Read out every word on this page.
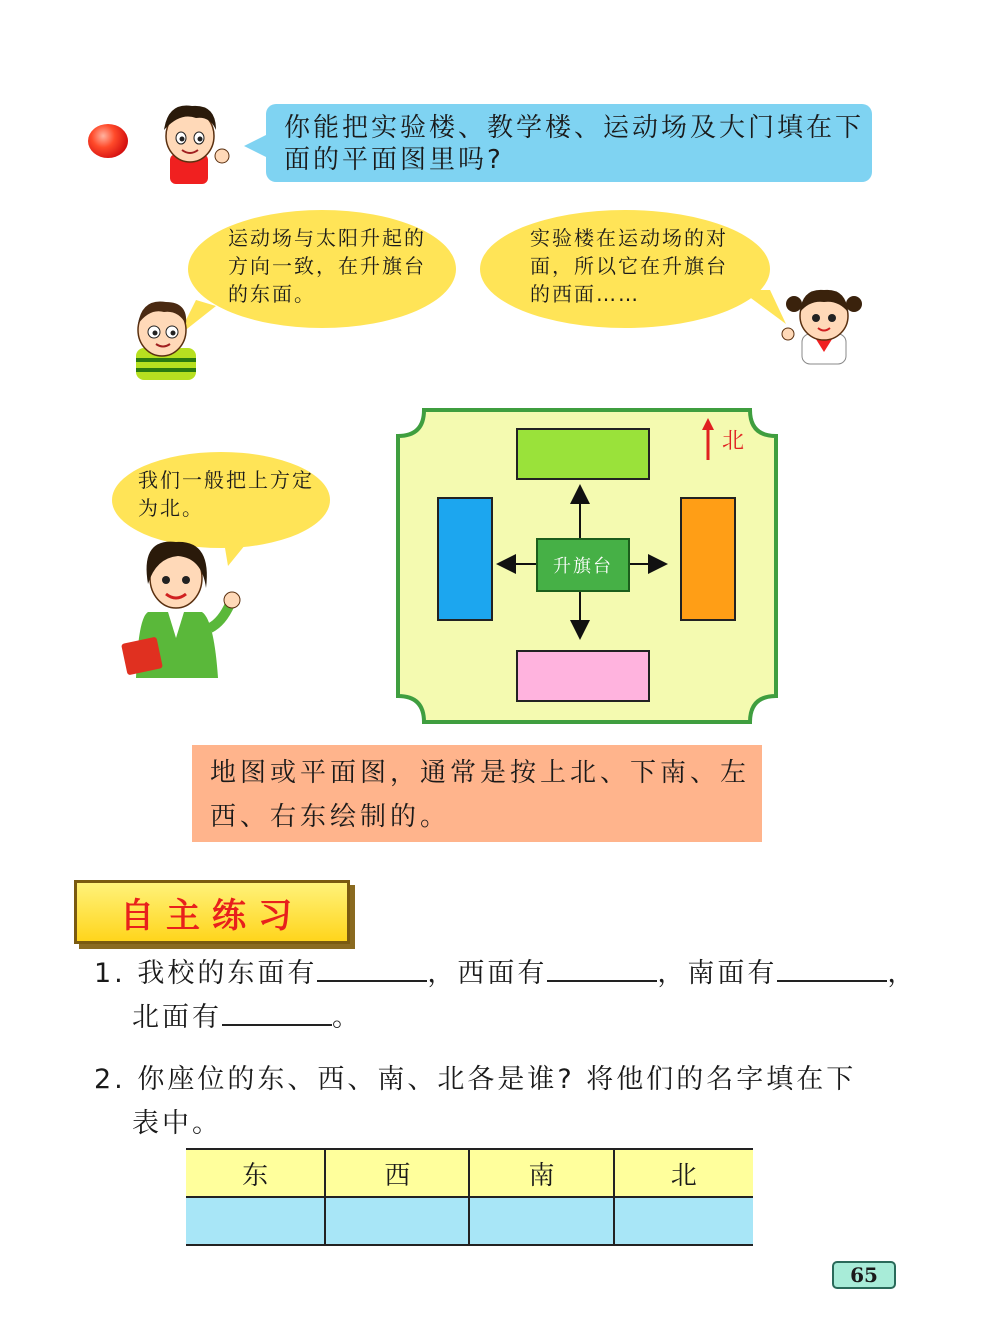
你能把实验楼、教学楼、运动场及大门填在下面的平面图里吗?
运动场与太阳升起的方向一致，在升旗台的东面。
实验楼在运动场的对面，所以它在升旗台的西面……
我们一般把上方定为北。
升旗台
北
地图或平面图，通常是按上北、下南、左西、右东绘制的。
自主练习
1. 我校的东面有	，西面有	，南面有	，
北面有	。
2. 你座位的东、西、南、北各是谁? 将他们的名字填在下
表中。
东	西	南	北

65
